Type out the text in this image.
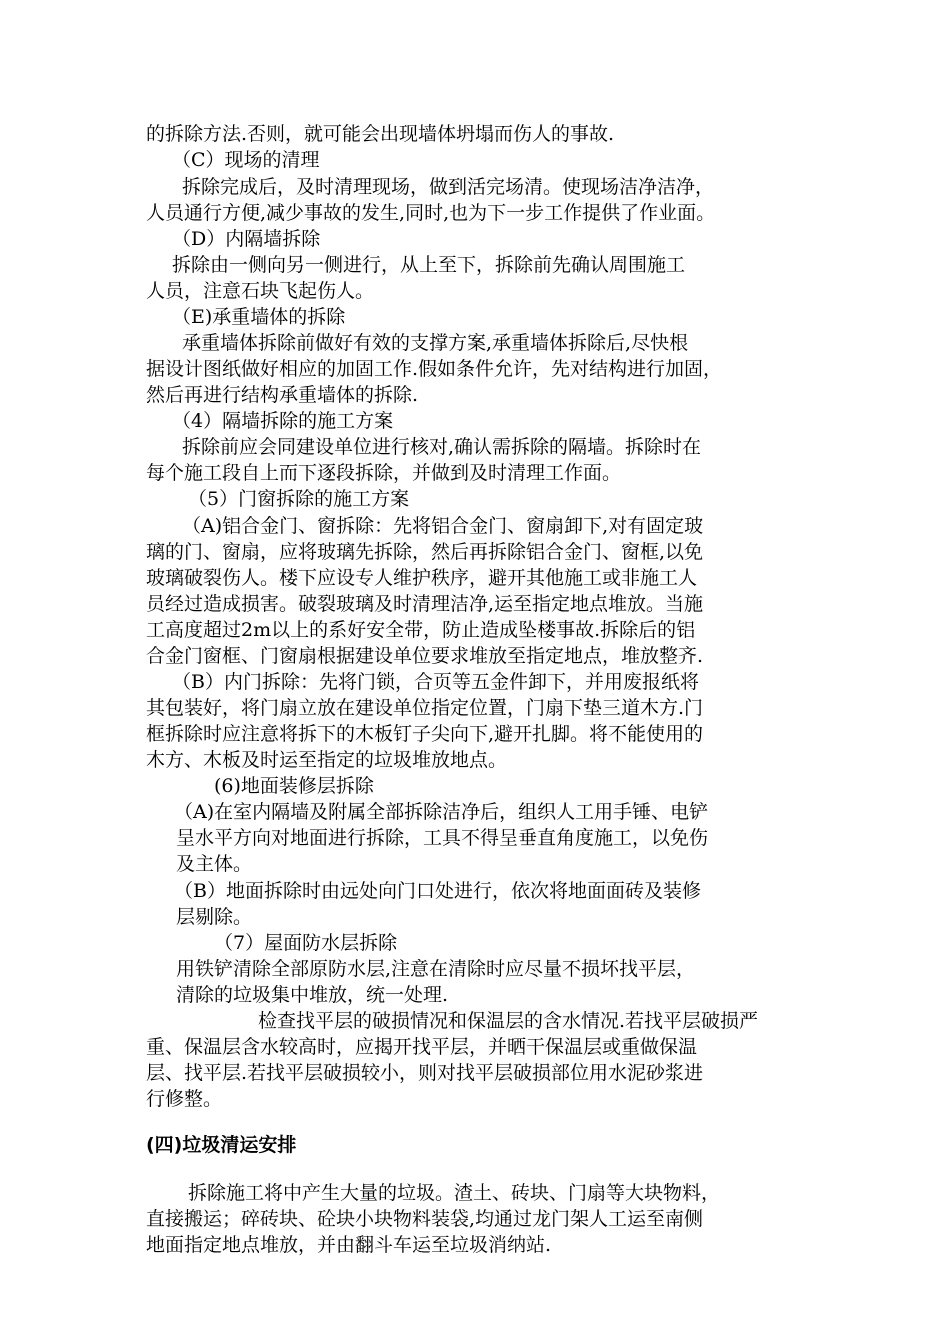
的拆除方法.否则，就可能会出现墙体坍塌而伤人的事故.
（C）现场的清理
拆除完成后，及时清理现场，做到活完场清。使现场洁净洁净，
人员通行方便,减少事故的发生,同时,也为下一步工作提供了作业面。
（D）内隔墙拆除
拆除由一侧向另一侧进行，从上至下，拆除前先确认周围施工
人员，注意石块飞起伤人。
（E)承重墙体的拆除
承重墙体拆除前做好有效的支撑方案,承重墙体拆除后,尽快根
据设计图纸做好相应的加固工作.假如条件允许，先对结构进行加固，
然后再进行结构承重墙体的拆除.
（4）隔墙拆除的施工方案
拆除前应会同建设单位进行核对,确认需拆除的隔墙。拆除时在
每个施工段自上而下逐段拆除，并做到及时清理工作面。
（5）门窗拆除的施工方案
（A)铝合金门、窗拆除：先将铝合金门、窗扇卸下,对有固定玻
璃的门、窗扇，应将玻璃先拆除，然后再拆除铝合金门、窗框,以免
玻璃破裂伤人。楼下应设专人维护秩序，避开其他施工或非施工人
员经过造成损害。破裂玻璃及时清理洁净,运至指定地点堆放。当施
工高度超过2m以上的系好安全带，防止造成坠楼事故.拆除后的铝
合金门窗框、门窗扇根据建设单位要求堆放至指定地点，堆放整齐.
（B）内门拆除：先将门锁，合页等五金件卸下，并用废报纸将
其包装好，将门扇立放在建设单位指定位置，门扇下垫三道木方.门
框拆除时应注意将拆下的木板钉子尖向下,避开扎脚。将不能使用的
木方、木板及时运至指定的垃圾堆放地点。
(6)地面装修层拆除
（A)在室内隔墙及附属全部拆除洁净后，组织人工用手锤、电铲
呈水平方向对地面进行拆除，工具不得呈垂直角度施工，以免伤
及主体。
（B）地面拆除时由远处向门口处进行，依次将地面面砖及装修
层剔除。
（7）屋面防水层拆除
用铁铲清除全部原防水层,注意在清除时应尽量不损坏找平层，
清除的垃圾集中堆放，统一处理.
检查找平层的破损情况和保温层的含水情况.若找平层破损严
重、保温层含水较高时，应揭开找平层，并晒干保温层或重做保温
层、找平层.若找平层破损较小，则对找平层破损部位用水泥砂浆进
行修整。
(四)垃圾清运安排
拆除施工将中产生大量的垃圾。渣土、砖块、门扇等大块物料，
直接搬运；碎砖块、砼块小块物料装袋,均通过龙门架人工运至南侧
地面指定地点堆放，并由翻斗车运至垃圾消纳站.
